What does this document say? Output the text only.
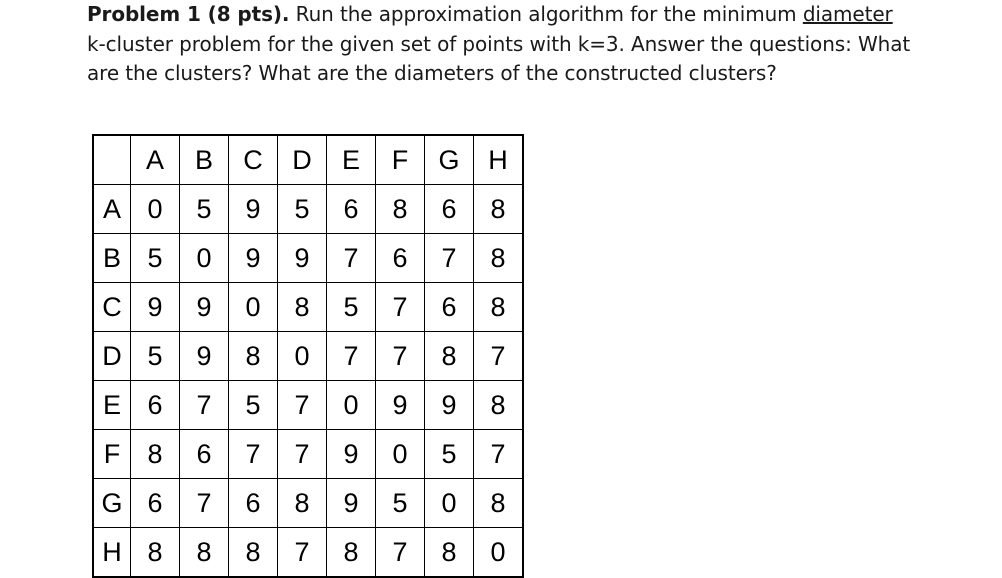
Problem 1 (8 pts). Run the approximation algorithm for the minimum diameter k-cluster problem for the given set of points with k=3. Answer the questions: What are the clusters? What are the diameters of the constructed clusters?
	A	B	C	D	E	F	G	H
A	0	5	9	5	6	8	6	8
B	5	0	9	9	7	6	7	8
C	9	9	0	8	5	7	6	8
D	5	9	8	0	7	7	8	7
E	6	7	5	7	0	9	9	8
F	8	6	7	7	9	0	5	7
G	6	7	6	8	9	5	0	8
H	8	8	8	7	8	7	8	0
